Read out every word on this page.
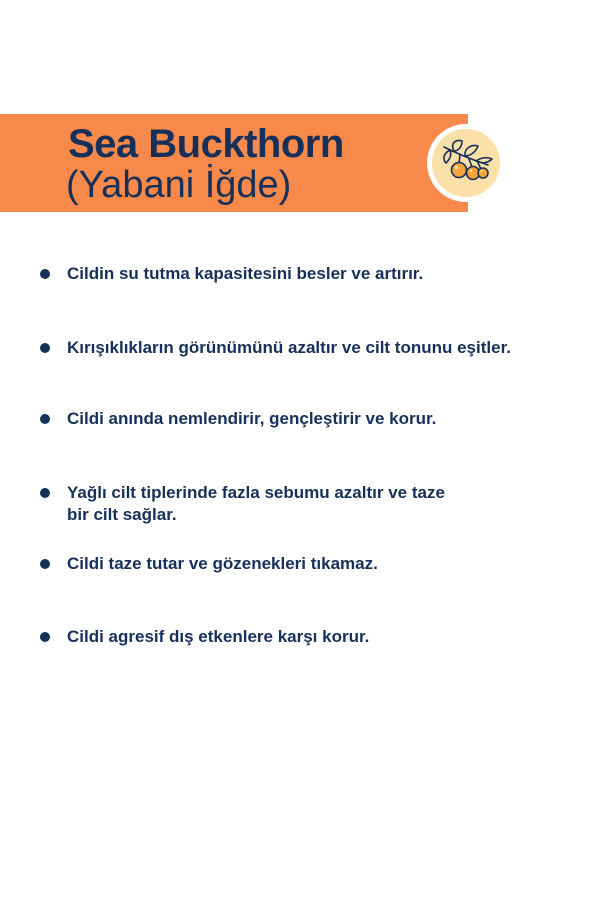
Sea Buckthorn
(Yabani İğde)
Cildin su tutma kapasitesini besler ve artırır.
Kırışıklıkların görünümünü azaltır ve cilt tonunu eşitler.
Cildi anında nemlendirir, gençleştirir ve korur.
Yağlı cilt tiplerinde fazla sebumu azaltır ve taze bir cilt sağlar.
Cildi taze tutar ve gözenekleri tıkamaz.
Cildi agresif dış etkenlere karşı korur.
